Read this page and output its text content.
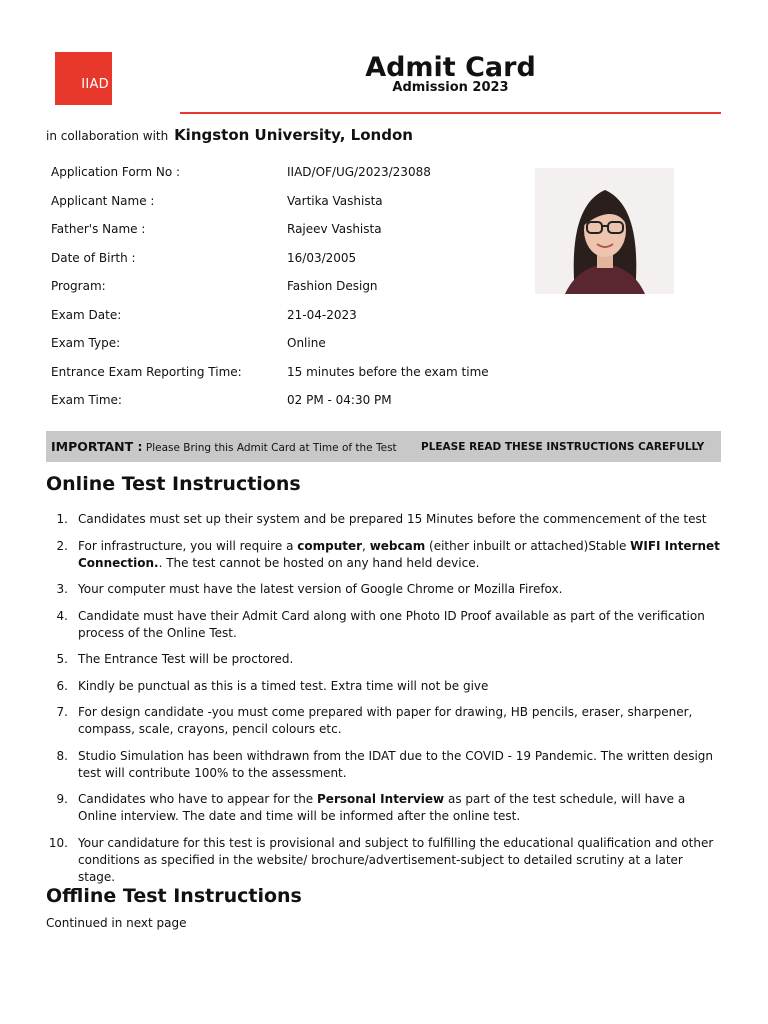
IIAD
Admit Card
Admission 2023
in collaboration with Kingston University, London
Application Form No :	IIAD/OF/UG/2023/23088
Applicant Name :	Vartika Vashista
Father's Name :	Rajeev Vashista
Date of Birth :	16/03/2005
Program:	Fashion Design
Exam Date:	21-04-2023
Exam Type:	Online
Entrance Exam Reporting Time:	15 minutes before the exam time
Exam Time:	02 PM - 04:30 PM
IMPORTANT : Please Bring this Admit Card at Time of the Test	PLEASE READ THESE INSTRUCTIONS CAREFULLY
Online Test Instructions
1. Candidates must set up their system and be prepared 15 Minutes before the commencement of the test
2. For infrastructure, you will require a computer, webcam (either inbuilt or attached)Stable WIFI Internet Connection.. The test cannot be hosted on any hand held device.
3. Your computer must have the latest version of Google Chrome or Mozilla Firefox.
4. Candidate must have their Admit Card along with one Photo ID Proof available as part of the verification process of the Online Test.
5. The Entrance Test will be proctored.
6. Kindly be punctual as this is a timed test. Extra time will not be give
7. For design candidate -you must come prepared with paper for drawing, HB pencils, eraser, sharpener, compass, scale, crayons, pencil colours etc.
8. Studio Simulation has been withdrawn from the IDAT due to the COVID - 19 Pandemic. The written design test will contribute 100% to the assessment.
9. Candidates who have to appear for the Personal Interview as part of the test schedule, will have a Online interview. The date and time will be informed after the online test.
10. Your candidature for this test is provisional and subject to fulfilling the educational qualification and other conditions as specified in the website/ brochure/advertisement-subject to detailed scrutiny at a later stage.
Offline Test Instructions
Continued in next page
